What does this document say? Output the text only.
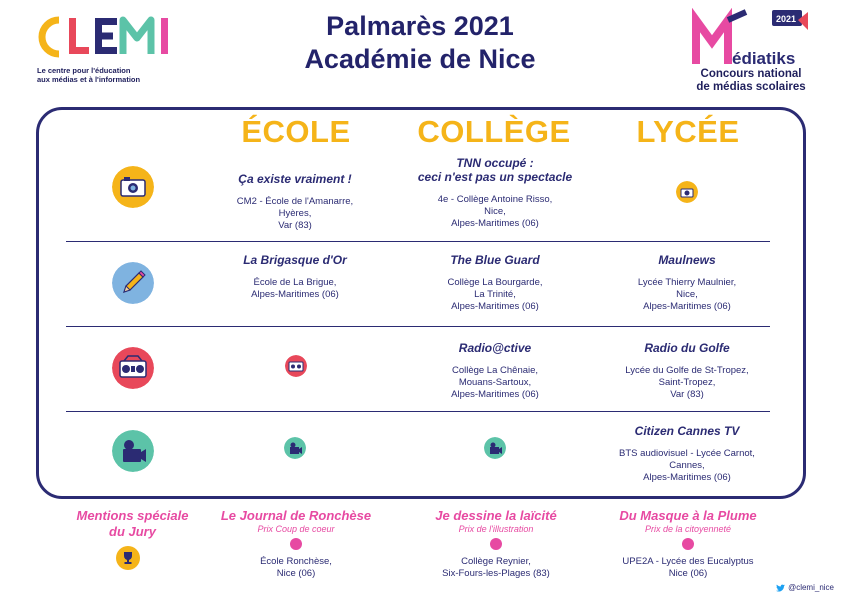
CLEMI
Le centre pour l'éducation
aux médias et à l'information
Palmarès 2021
Académie de Nice
2021
édiatiks
Concours national
de médias scolaires
ÉCOLE	COLLÈGE	LYCÉE
Ça existe vraiment !
CM2 - École de l'Amanarre,
Hyères,
Var (83)
TNN occupé :
ceci n'est pas un spectacle
4e - Collège Antoine Risso,
Nice,
Alpes-Maritimes (06)
La Brigasque d'Or
École de La Brigue,
Alpes-Maritimes (06)
The Blue Guard
Collège La Bourgarde,
La Trinité,
Alpes-Maritimes (06)
Maulnews
Lycée Thierry Maulnier,
Nice,
Alpes-Maritimes (06)
Radio@ctive
Collège La Chênaie,
Mouans-Sartoux,
Alpes-Maritimes (06)
Radio du Golfe
Lycée du Golfe de St-Tropez,
Saint-Tropez,
Var (83)
Citizen Cannes TV
BTS audiovisuel - Lycée Carnot,
Cannes,
Alpes-Maritimes (06)
Mentions spéciale
du Jury
Le Journal de Ronchèse
Prix Coup de coeur
École Ronchèse,
Nice (06)
Je dessine la laïcité
Prix de l'illustration
Collège Reynier,
Six-Fours-les-Plages (83)
Du Masque à la Plume
Prix de la citoyenneté
UPE2A - Lycée des Eucalyptus
Nice (06)
@clemi_nice
